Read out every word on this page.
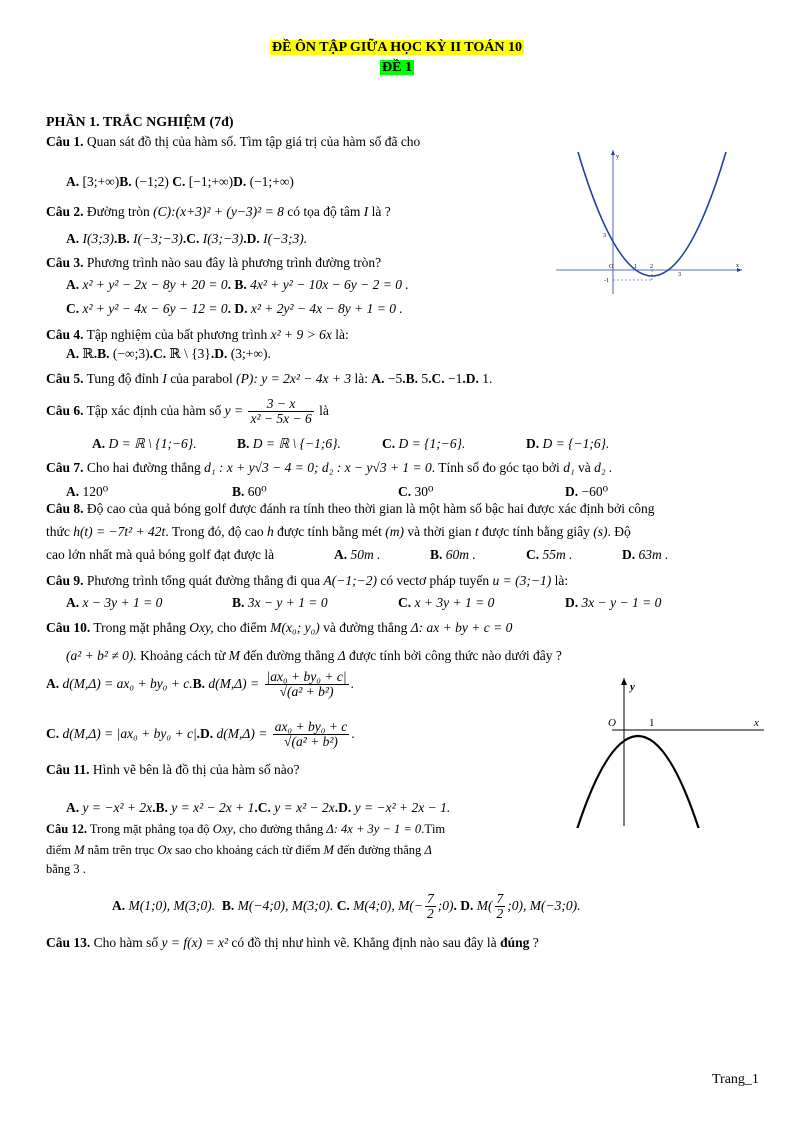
ĐỀ ÔN TẬP GIỮA HỌC KỲ II TOÁN 10
ĐỀ 1
PHẦN 1. TRẮC NGHIỆM (7đ)
Câu 1. Quan sát đồ thị của hàm số. Tìm tập giá trị của hàm số đã cho
A. [3;+∞)B. (−1;2) C. [−1;+∞)D. (−1;+∞)
y
x
O
3
-1
1 2
3
Câu 2. Đường tròn (C):(x+3)² + (y−3)² = 8 có tọa độ tâm I là ?
A. I(3;3).B. I(−3;−3).C. I(3;−3).D. I(−3;3).
Câu 3. Phương trình nào sau đây là phương trình đường tròn?
A. x² + y² − 2x − 8y + 20 = 0. B. 4x² + y² − 10x − 6y − 2 = 0 .
C. x² + y² − 4x − 6y − 12 = 0. D. x² + 2y² − 4x − 8y + 1 = 0 .
Câu 4. Tập nghiệm của bất phương trình x² + 9 > 6x là:
A. ℝ.B. (−∞;3).C. ℝ \ {3}.D. (3;+∞).
Câu 5. Tung độ đỉnh I của parabol (P): y = 2x² − 4x + 3 là: A. −5.B. 5.C. −1.D. 1.
Câu 6. Tập xác định của hàm số $y = \frac{3 - x}{\text{x² − 5x − 6}}$ là
A. D = ℝ \ {1;−6}.	B. D = ℝ \ {−1;6}.	C. D = {1;−6}.	D. D = {−1;6}.
Câu 7. Cho hai đường thẳng d₁ : x + y√3 − 4 = 0; d₂ : x − y√3 + 1 = 0. Tính số đo góc tạo bởi d₁ và d₂ .
A. 120⁰	B. 60⁰	C. 30⁰	D. −60⁰
Câu 8. Độ cao của quả bóng golf được đánh ra tính theo thời gian là một hàm số bậc hai được xác định bởi công
thức h(t) = −7t² + 42t. Trong đó, độ cao h được tính bằng mét (m) và thời gian t được tính bằng giây (s). Độ
cao lớn nhất mà quả bóng golf đạt được là	A. 50m .	B. 60m .	C. 55m .	D. 63m .
Câu 9. Phương trình tổng quát đường thẳng đi qua A(−1;−2) có vectơ pháp tuyến u = (3;−1) là:
A. x − 3y + 1 = 0	B. 3x − y + 1 = 0	C. x + 3y + 1 = 0	D. 3x − y − 1 = 0
Câu 10. Trong mặt phẳng Oxy, cho điểm M(x₀; y₀) và đường thẳng Δ: ax + by + c = 0
(a² + b² ≠ 0). Khoảng cách từ M đến đường thẳng Δ được tính bởi công thức nào dưới đây ?
A. d(M,Δ) = ax₀ + by₀ + c.B. $d(M,\Delta) = \frac{\text{|ax₀ + by₀ + c|}}{\text{√(a² + b²)}}$ .
C. d(M,Δ) = |ax₀ + by₀ + c|.D. $d(M,\Delta) = \frac{\text{ax₀ + by₀ + c}}{\text{√(a² + b²)}}$ .
y
x
O	1
Câu 11. Hình vẽ bên là đồ thị của hàm số nào?
A. y = −x² + 2x.B. y = x² − 2x + 1.C. y = x² − 2x.D. y = −x² + 2x − 1.
Câu 12. Trong mặt phẳng tọa độ Oxy, cho đường thẳng Δ: 4x + 3y − 1 = 0.Tìm
điểm M nằm trên trục Ox sao cho khoảng cách từ điểm M đến đường thẳng Δ
bằng 3 .
A. M(1;0), M(3;0). B. M(−4;0), M(3;0). C. M(4;0), $M(- \frac{7}{2}$ ;0). D. $M( \frac{7}{2}$ ;0), M(−3;0).
Câu 13. Cho hàm số y = f(x) = x² có đồ thị như hình vẽ. Khẳng định nào sau đây là đúng ?
Trang_1
